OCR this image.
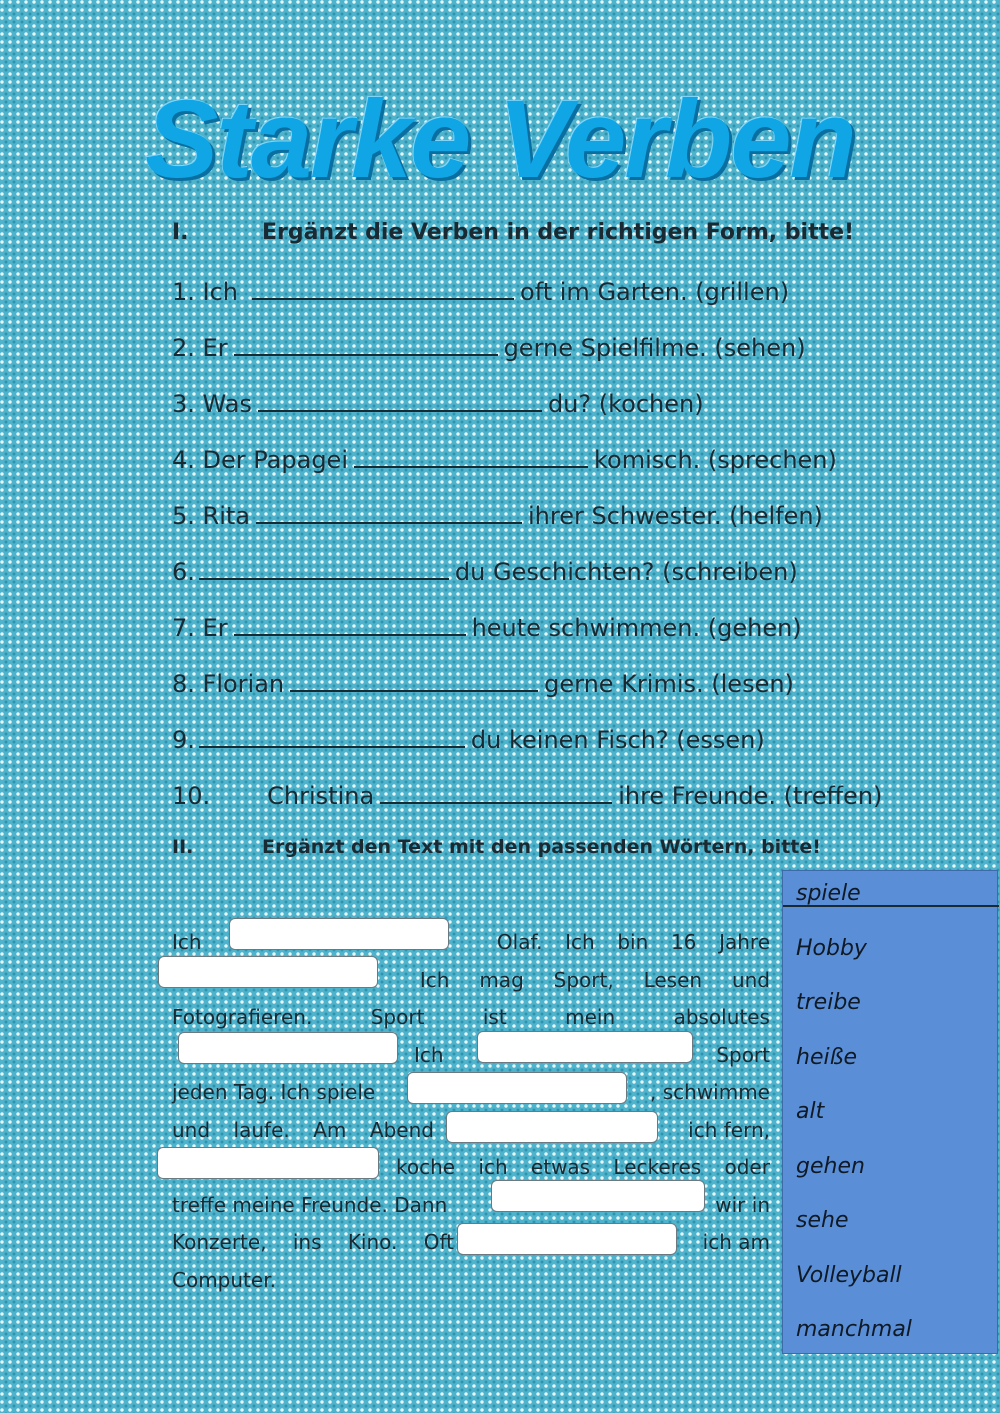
Starke Verben
I.	Ergänzt die Verben in der richtigen Form, bitte!
1. Ich	oft im Garten. (grillen)
2. Er	gerne Spielfilme. (sehen)
3. Was	du? (kochen)
4. Der Papagei	komisch. (sprechen)
5. Rita	ihrer Schwester. (helfen)
6.	du Geschichten? (schreiben)
7. Er	heute schwimmen. (gehen)
8. Florian	gerne Krimis. (lesen)
9.	du keinen Fisch? (essen)
10. Christina	ihre Freunde. (treffen)
II.	Ergänzt den Text mit den passenden Wörtern, bitte!
Ich	Olaf. Ich bin 16 Jahre
Ich mag Sport, Lesen und
Fotografieren.	Sport	ist	mein	absolutes
Ich	Sport
jeden Tag. Ich spiele	, schwimme
und laufe. Am Abend	ich fern,
koche ich etwas Leckeres oder
treffe meine Freunde. Dann	wir in
Konzerte, ins Kino. Oft	ich am
Computer.
spiele
Hobby
treibe
heiße
alt
gehen
sehe
Volleyball
manchmal
